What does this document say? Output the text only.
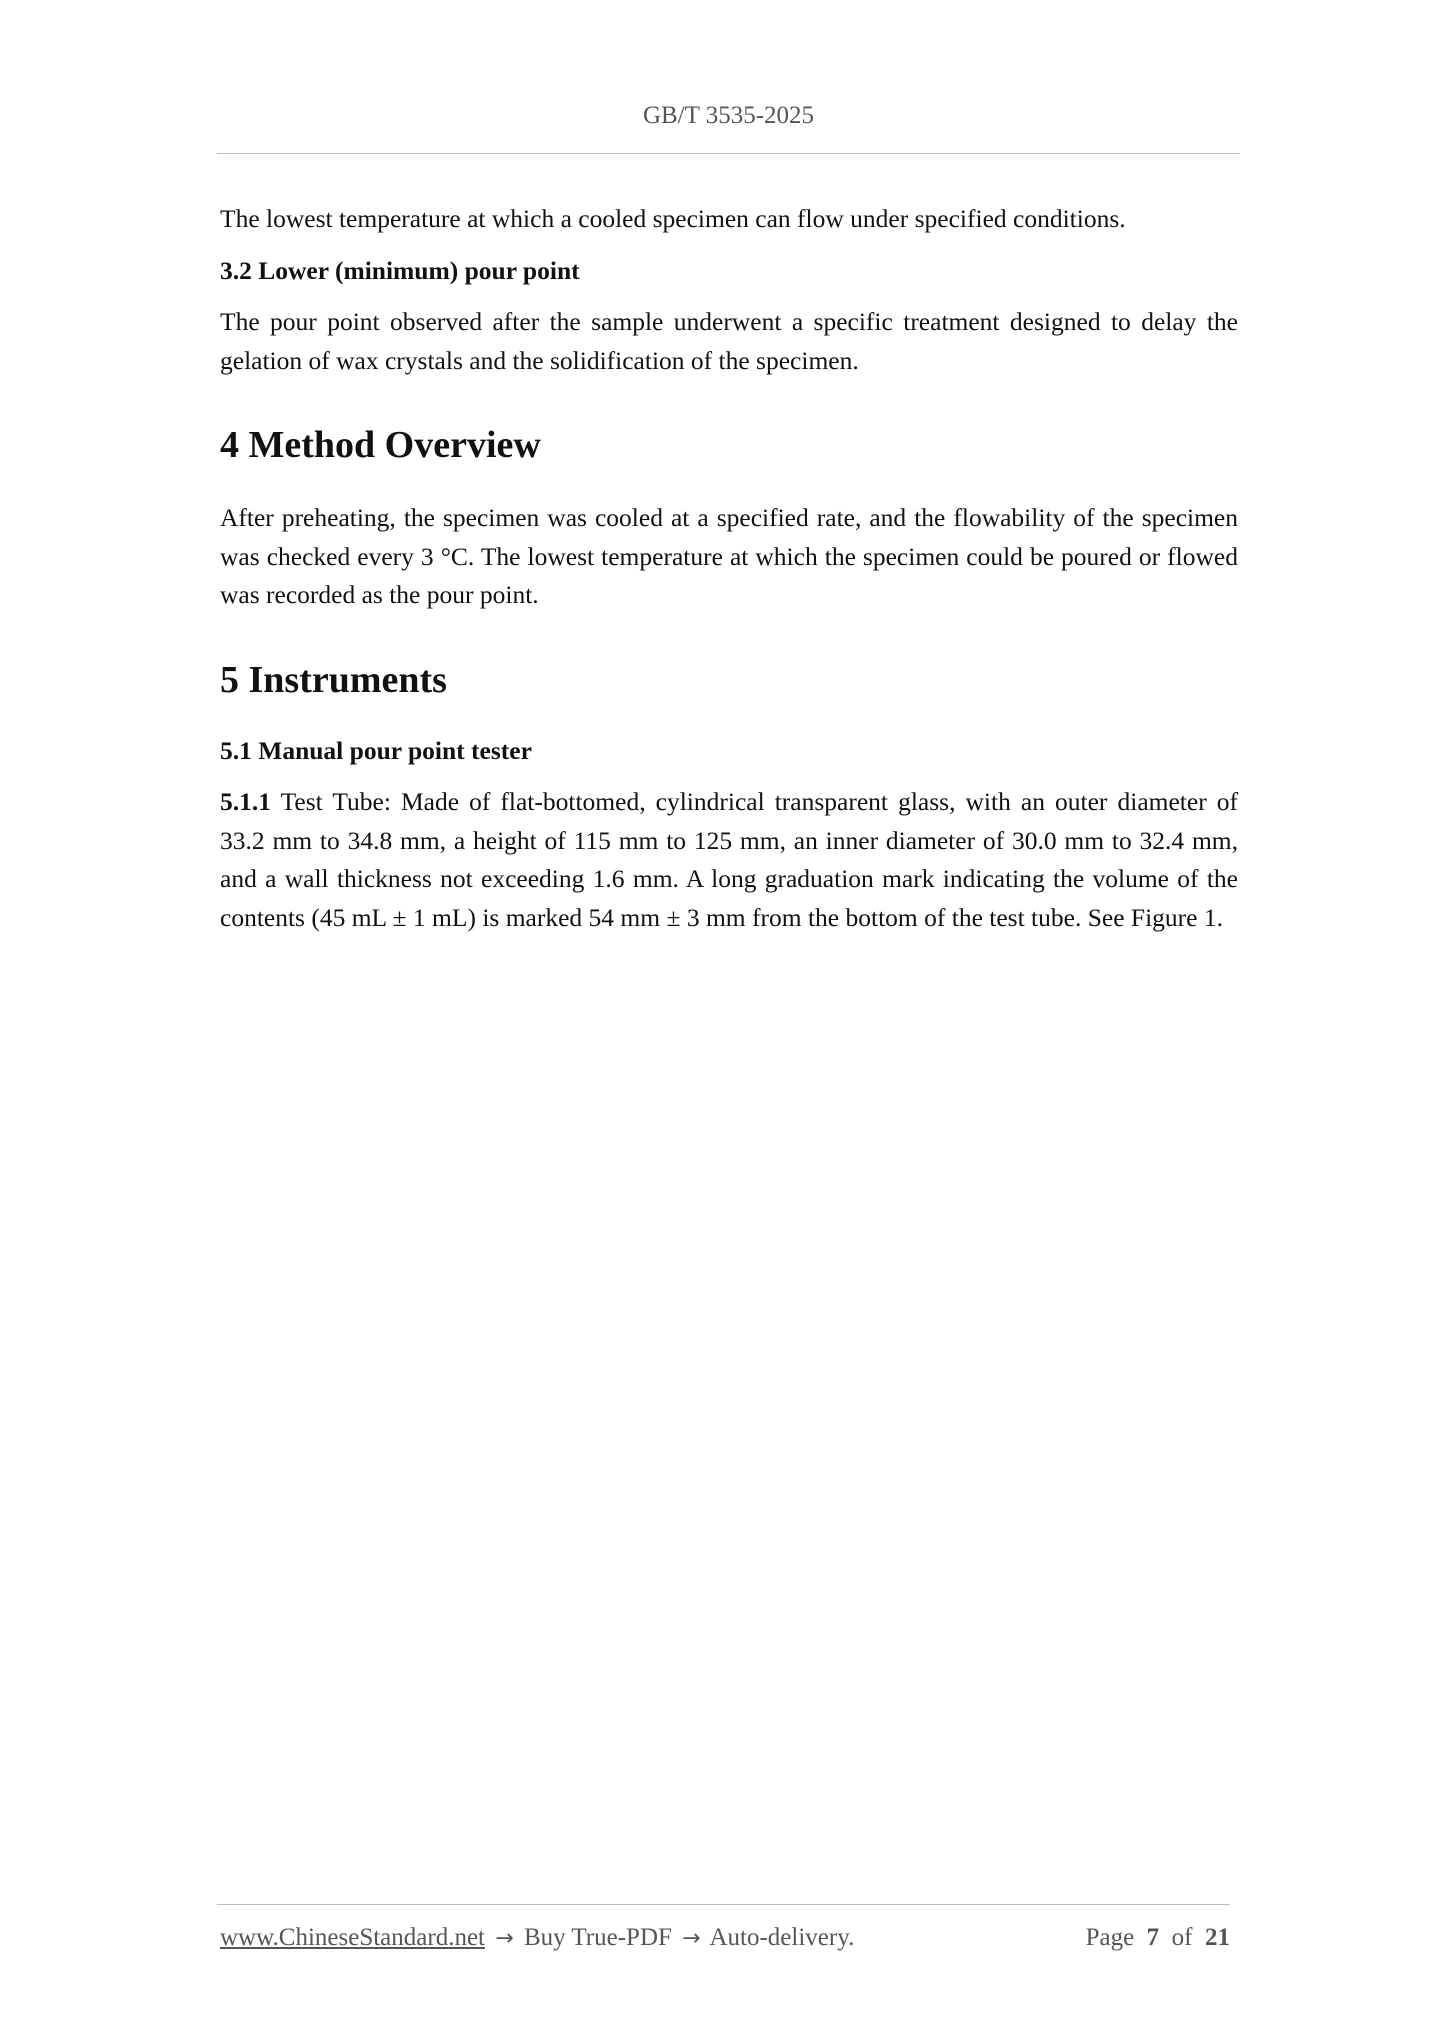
GB/T 3535-2025

The lowest temperature at which a cooled specimen can flow under specified conditions.

3.2 Lower (minimum) pour point

The pour point observed after the sample underwent a specific treatment designed to delay the gelation of wax crystals and the solidification of the specimen.

4 Method Overview

After preheating, the specimen was cooled at a specified rate, and the flowability of the specimen was checked every 3 °C. The lowest temperature at which the specimen could be poured or flowed was recorded as the pour point.

5 Instruments
5.1 Manual pour point tester

5.1.1 Test Tube: Made of flat-bottomed, cylindrical transparent glass, with an outer diameter of 33.2 mm to 34.8 mm, a height of 115 mm to 125 mm, an inner diameter of 30.0 mm to 32.4 mm, and a wall thickness not exceeding 1.6 mm. A long graduation mark indicating the volume of the contents (45 mL ± 1 mL) is marked 54 mm ± 3 mm from the bottom of the test tube. See Figure 1.

www.ChineseStandard.net → Buy True-PDF → Auto-delivery.	Page 7 of 21
